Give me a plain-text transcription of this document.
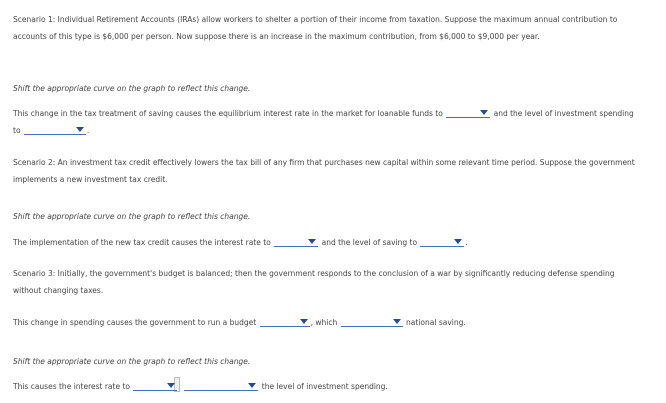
Scenario 1: Individual Retirement Accounts (IRAs) allow workers to shelter a portion of their income from taxation. Suppose the maximum annual contribution to accounts of this type is $6,000 per person. Now suppose there is an increase in the maximum contribution, from $6,000 to $9,000 per year.
Shift the appropriate curve on the graph to reflect this change.
This change in the tax treatment of saving causes the equilibrium interest rate in the market for loanable funds to	and the level of investment spending to	.
Scenario 2: An investment tax credit effectively lowers the tax bill of any firm that purchases new capital within some relevant time period. Suppose the government implements a new investment tax credit.
Shift the appropriate curve on the graph to reflect this change.
The implementation of the new tax credit causes the interest rate to	and the level of saving to	.
Scenario 3: Initially, the government's budget is balanced; then the government responds to the conclusion of a war by significantly reducing defense spending without changing taxes.
This change in spending causes the government to run a budget	, which	national saving.
Shift the appropriate curve on the graph to reflect this change.
This causes the interest rate to	the level of investment spending.
